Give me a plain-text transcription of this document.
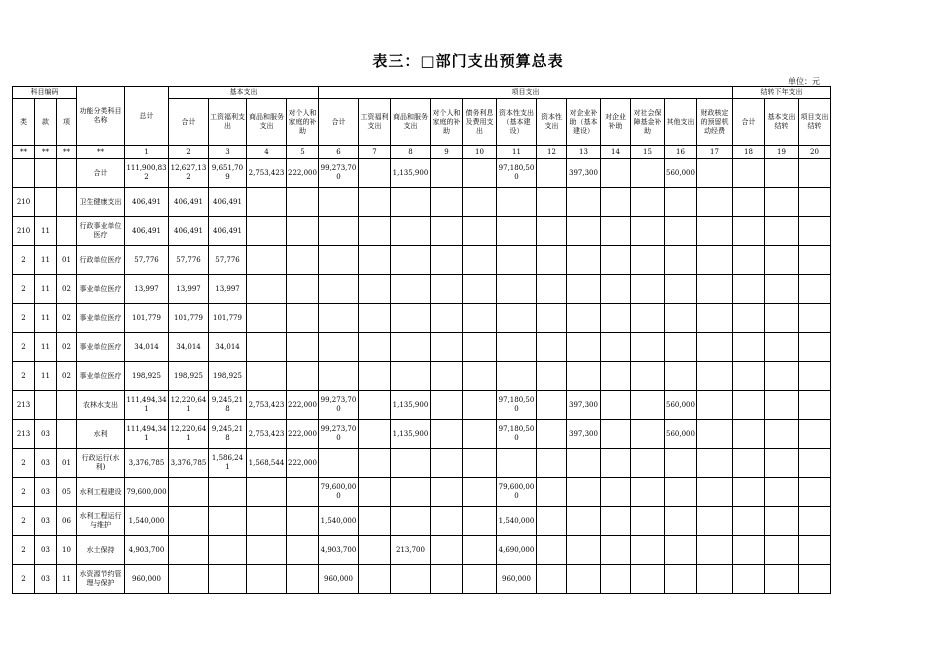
表三：□部门支出预算总表
单位：元
科目编码			功能分类科目名称	总计	基本支出				项目支出												结转下年支出		
类	款	项			合计	工资福利支出	商品和服务支出	对个人和家庭的补助	合计	工资福利支出	商品和服务支出	对个人和家庭的补助	债务利息及费用支出	资本性支出（基本建设）	资本性支出	对企业补助（基本建设）	对企业补助	对社会保障基金补助	其他支出	财政核定的预留机动经费	合计	基本支出结转	项目支出结转
**	**	**	**	1	2	3	4	5	6	7	8	9	10	11	12	13	14	15	16	17	18	19	20
			合计	111,900,832	12,627,132	9,651,709	2,753,423	222,000	99,273,700		1,135,900			97,180,500		397,300			560,000				
210			卫生健康支出	406,491	406,491	406,491																	
210	11		行政事业单位医疗	406,491	406,491	406,491																	
2	11	01	行政单位医疗	57,776	57,776	57,776																	
2	11	02	事业单位医疗	13,997	13,997	13,997																	
2	11	02	事业单位医疗	101,779	101,779	101,779																	
2	11	02	事业单位医疗	34,014	34,014	34,014																	
2	11	02	事业单位医疗	198,925	198,925	198,925																	
213			农林水支出	111,494,341	12,220,641	9,245,218	2,753,423	222,000	99,273,700		1,135,900			97,180,500		397,300			560,000				
213	03		水利	111,494,341	12,220,641	9,245,218	2,753,423	222,000	99,273,700		1,135,900			97,180,500		397,300			560,000				
2	03	01	行政运行(水利)	3,376,785	3,376,785	1,586,241	1,568,544	222,000															
2	03	05	水利工程建设	79,600,000					79,600,000					79,600,000									
2	03	06	水利工程运行与维护	1,540,000					1,540,000					1,540,000									
2	03	10	水土保持	4,903,700					4,903,700		213,700			4,690,000									
2	03	11	水资源节约管理与保护	960,000					960,000					960,000									
